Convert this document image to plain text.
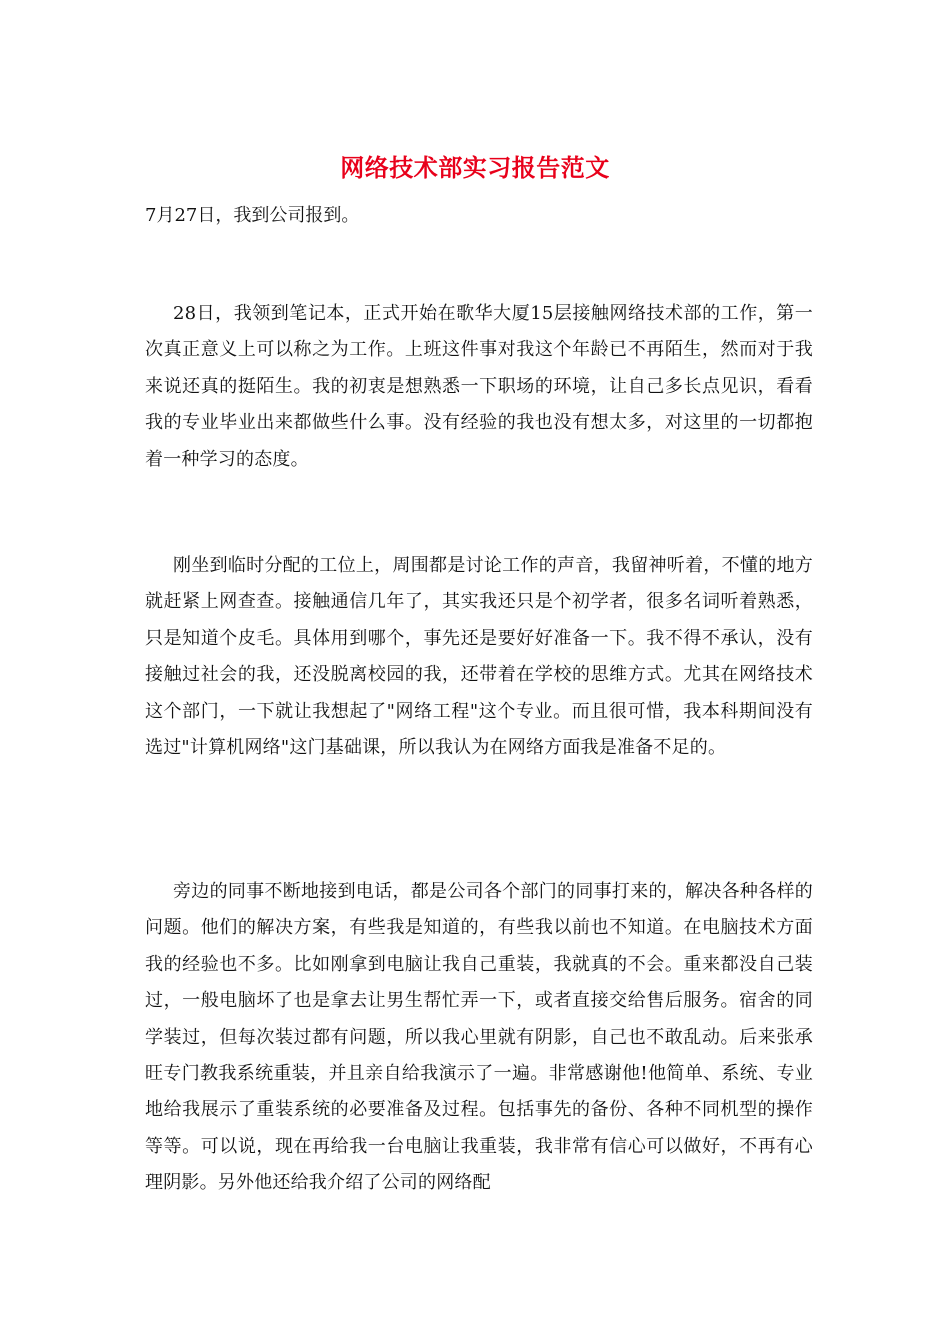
网络技术部实习报告范文
7月27日，我到公司报到。
28日，我领到笔记本，正式开始在歌华大厦15层接触网络技术部的工作，第一次真正意义上可以称之为工作。上班这件事对我这个年龄已不再陌生，然而对于我来说还真的挺陌生。我的初衷是想熟悉一下职场的环境，让自己多长点见识，看看我的专业毕业出来都做些什么事。没有经验的我也没有想太多，对这里的一切都抱着一种学习的态度。
刚坐到临时分配的工位上，周围都是讨论工作的声音，我留神听着，不懂的地方就赶紧上网查查。接触通信几年了，其实我还只是个初学者，很多名词听着熟悉，只是知道个皮毛。具体用到哪个，事先还是要好好准备一下。我不得不承认，没有接触过社会的我，还没脱离校园的我，还带着在学校的思维方式。尤其在网络技术这个部门，一下就让我想起了"网络工程"这个专业。而且很可惜，我本科期间没有选过"计算机网络"这门基础课，所以我认为在网络方面我是准备不足的。
旁边的同事不断地接到电话，都是公司各个部门的同事打来的，解决各种各样的问题。他们的解决方案，有些我是知道的，有些我以前也不知道。在电脑技术方面我的经验也不多。比如刚拿到电脑让我自己重装，我就真的不会。重来都没自己装过，一般电脑坏了也是拿去让男生帮忙弄一下，或者直接交给售后服务。宿舍的同学装过，但每次装过都有问题，所以我心里就有阴影，自己也不敢乱动。后来张承旺专门教我系统重装，并且亲自给我演示了一遍。非常感谢他!他简单、系统、专业地给我展示了重装系统的必要准备及过程。包括事先的备份、各种不同机型的操作等等。可以说，现在再给我一台电脑让我重装，我非常有信心可以做好，不再有心理阴影。另外他还给我介绍了公司的网络配
